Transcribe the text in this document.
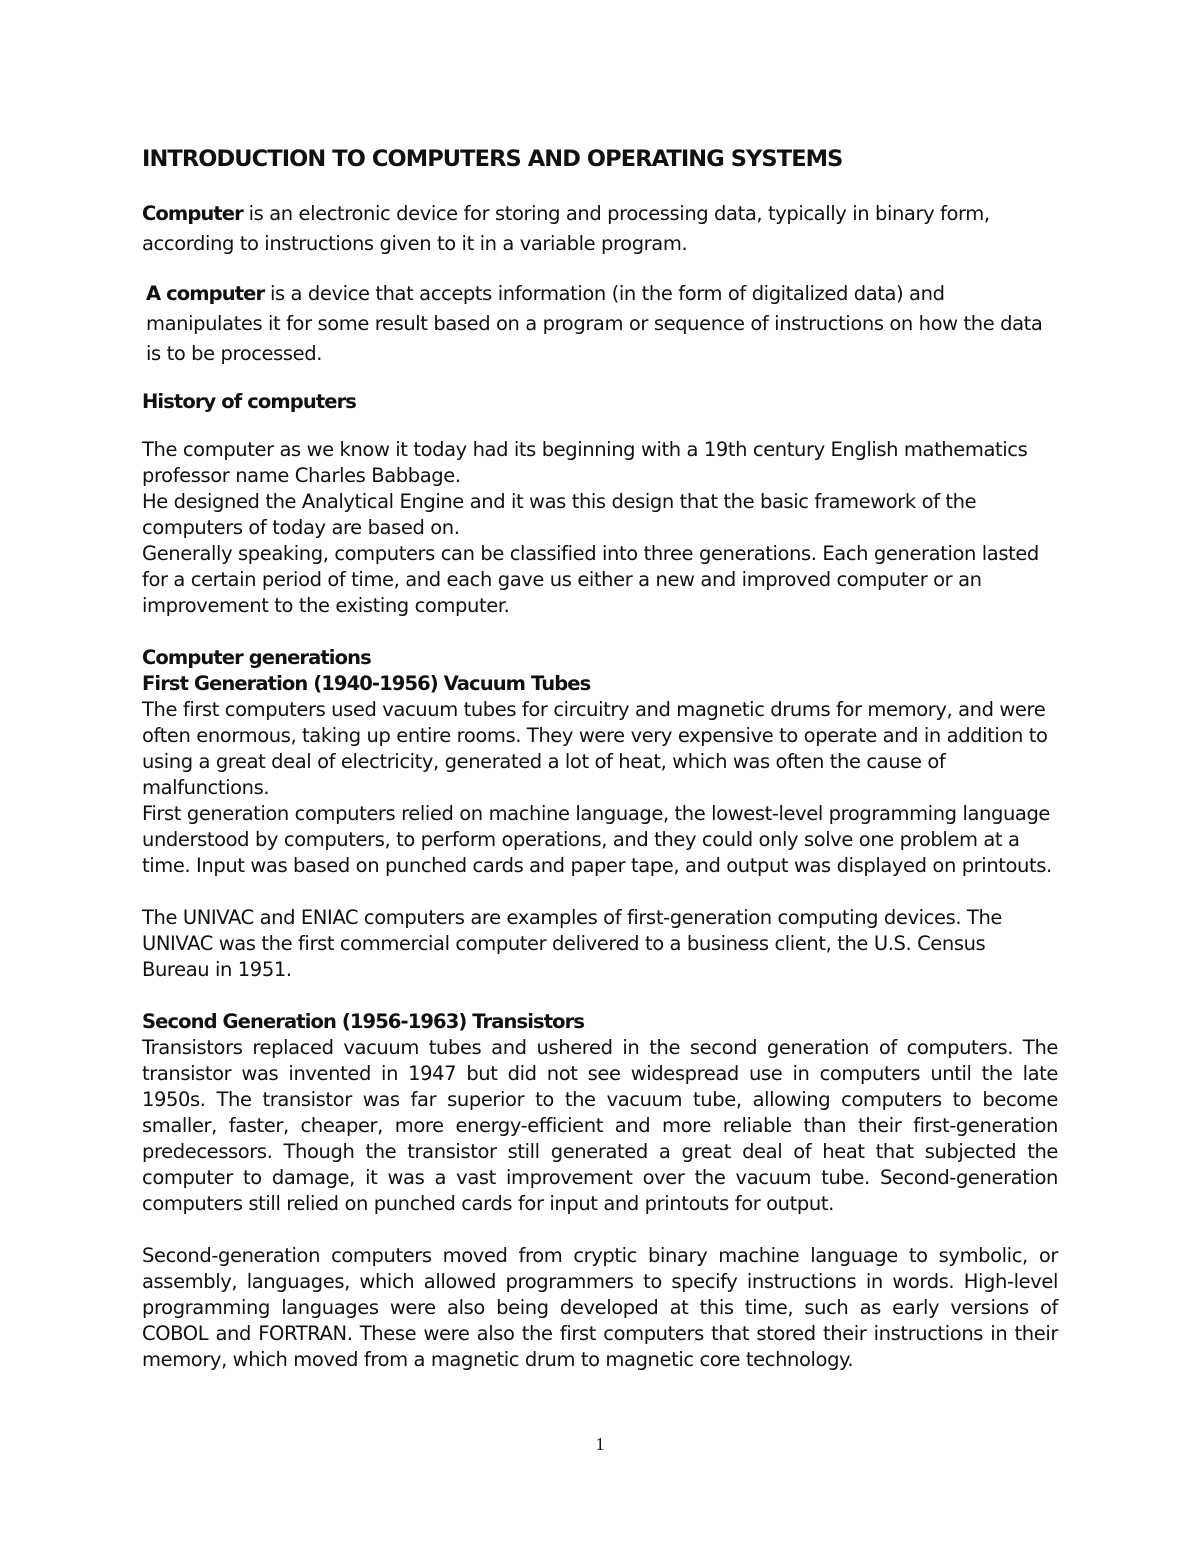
INTRODUCTION TO COMPUTERS AND OPERATING SYSTEMS

Computer is an electronic device for storing and processing data, typically in binary form, according to instructions given to it in a variable program.

A computer is a device that accepts information (in the form of digitalized data) and manipulates it for some result based on a program or sequence of instructions on how the data is to be processed.

History of computers

The computer as we know it today had its beginning with a 19th century English mathematics professor name Charles Babbage.

He designed the Analytical Engine and it was this design that the basic framework of the computers of today are based on.

Generally speaking, computers can be classified into three generations. Each generation lasted for a certain period of time, and each gave us either a new and improved computer or an improvement to the existing computer.

Computer generations

First Generation (1940-1956) Vacuum Tubes

The first computers used vacuum tubes for circuitry and magnetic drums for memory, and were often enormous, taking up entire rooms. They were very expensive to operate and in addition to using a great deal of electricity, generated a lot of heat, which was often the cause of malfunctions.

First generation computers relied on machine language, the lowest-level programming language understood by computers, to perform operations, and they could only solve one problem at a time. Input was based on punched cards and paper tape, and output was displayed on printouts.

The UNIVAC and ENIAC computers are examples of first-generation computing devices. The UNIVAC was the first commercial computer delivered to a business client, the U.S. Census Bureau in 1951.

Second Generation (1956-1963) Transistors

Transistors replaced vacuum tubes and ushered in the second generation of computers. The transistor was invented in 1947 but did not see widespread use in computers until the late 1950s. The transistor was far superior to the vacuum tube, allowing computers to become smaller, faster, cheaper, more energy-efficient and more reliable than their first-generation predecessors. Though the transistor still generated a great deal of heat that subjected the computer to damage, it was a vast improvement over the vacuum tube. Second-generation computers still relied on punched cards for input and printouts for output.

Second-generation computers moved from cryptic binary machine language to symbolic, or assembly, languages, which allowed programmers to specify instructions in words. High-level programming languages were also being developed at this time, such as early versions of COBOL and FORTRAN. These were also the first computers that stored their instructions in their memory, which moved from a magnetic drum to magnetic core technology.

1
